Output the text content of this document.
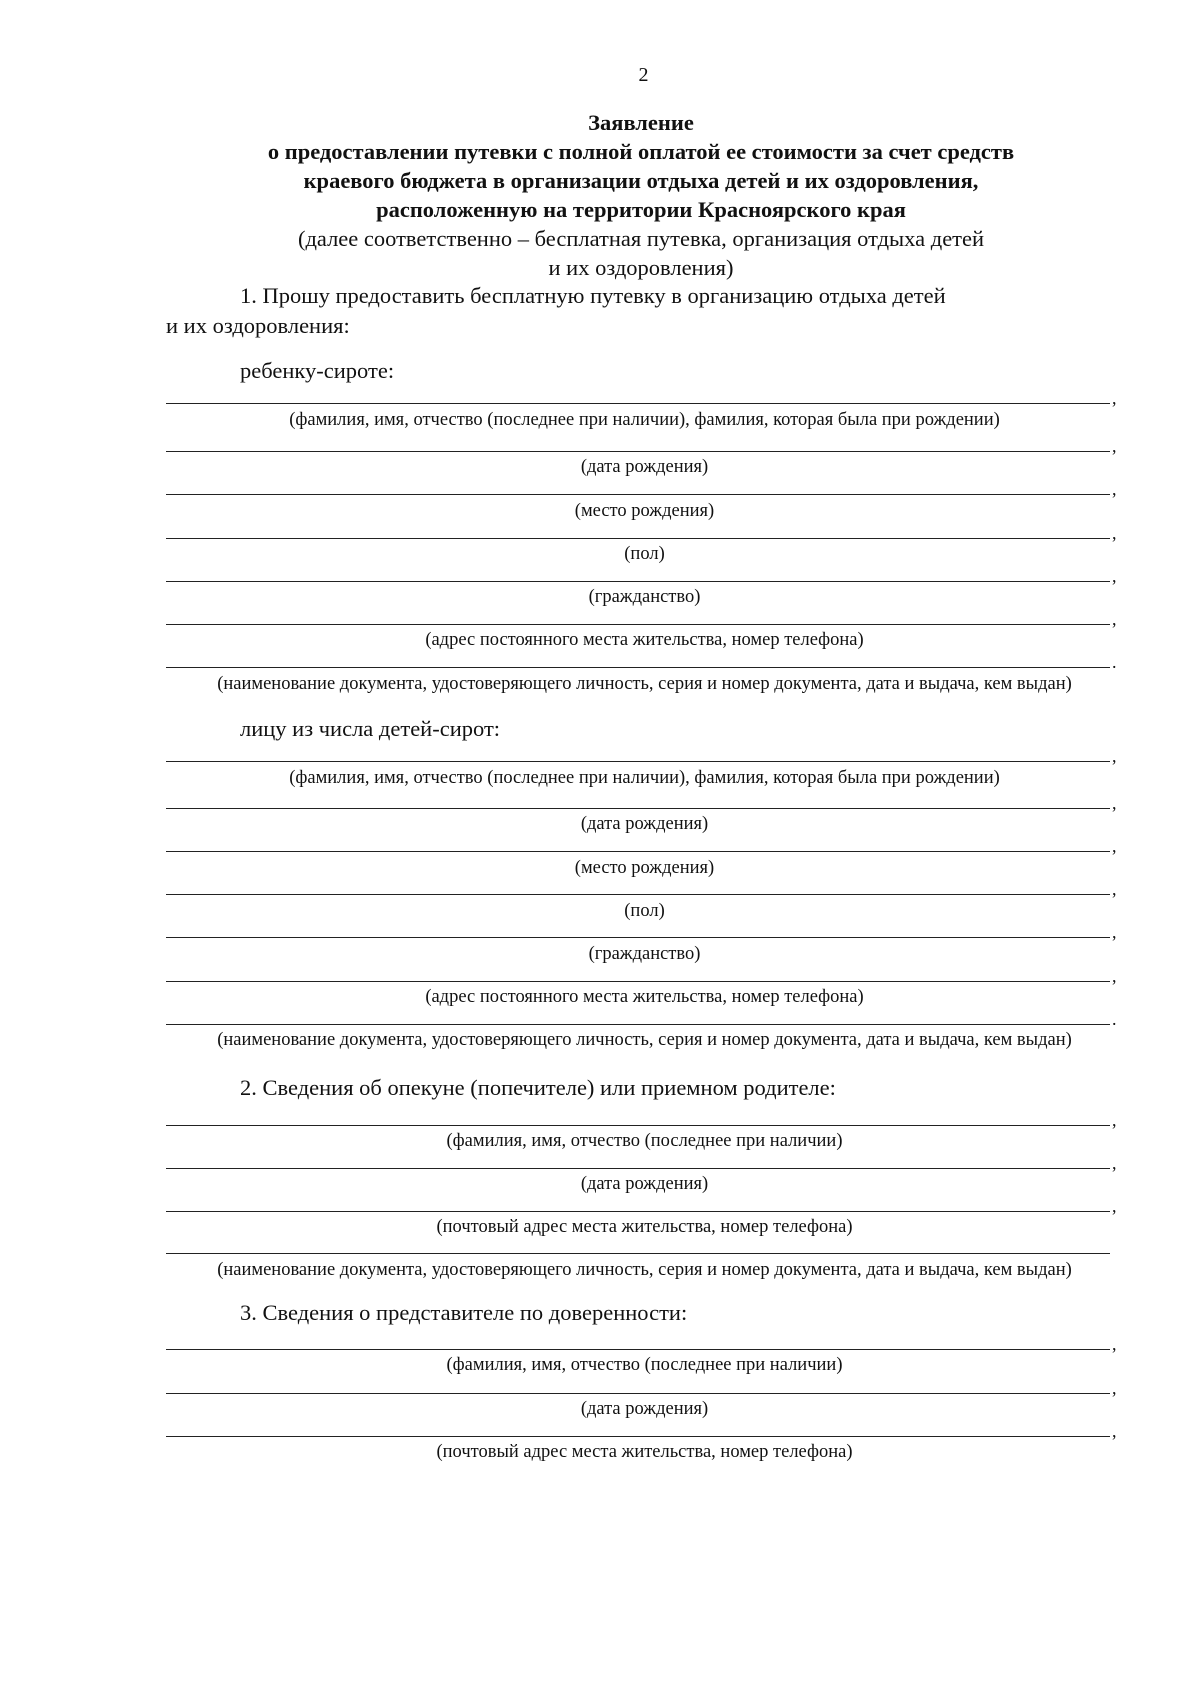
2
Заявление
о предоставлении путевки с полной оплатой ее стоимости за счет средств
краевого бюджета в организации отдыха детей и их оздоровления,
расположенную на территории Красноярского края
(далее соответственно – бесплатная путевка, организация отдыха детей
и их оздоровления)
1. Прошу предоставить бесплатную путевку в организацию отдыха детей
и их оздоровления:
ребенку-сироте:
лицу из числа детей-сирот:
2. Сведения об опекуне (попечителе) или приемном родителе:
3. Сведения о представителе по доверенности:
,
(фамилия, имя, отчество (последнее при наличии), фамилия, которая была при рождении)
,
(дата рождения)
,
(место рождения)
,
(пол)
,
(гражданство)
,
(адрес постоянного места жительства, номер телефона)
.
(наименование документа, удостоверяющего личность, серия и номер документа, дата и выдача, кем выдан)
,
(фамилия, имя, отчество (последнее при наличии), фамилия, которая была при рождении)
,
(дата рождения)
,
(место рождения)
,
(пол)
,
(гражданство)
,
(адрес постоянного места жительства, номер телефона)
.
(наименование документа, удостоверяющего личность, серия и номер документа, дата и выдача, кем выдан)
,
(фамилия, имя, отчество (последнее при наличии)
,
(дата рождения)
,
(почтовый адрес места жительства, номер телефона)
(наименование документа, удостоверяющего личность, серия и номер документа, дата и выдача, кем выдан)
,
(фамилия, имя, отчество (последнее при наличии)
,
(дата рождения)
,
(почтовый адрес места жительства, номер телефона)
